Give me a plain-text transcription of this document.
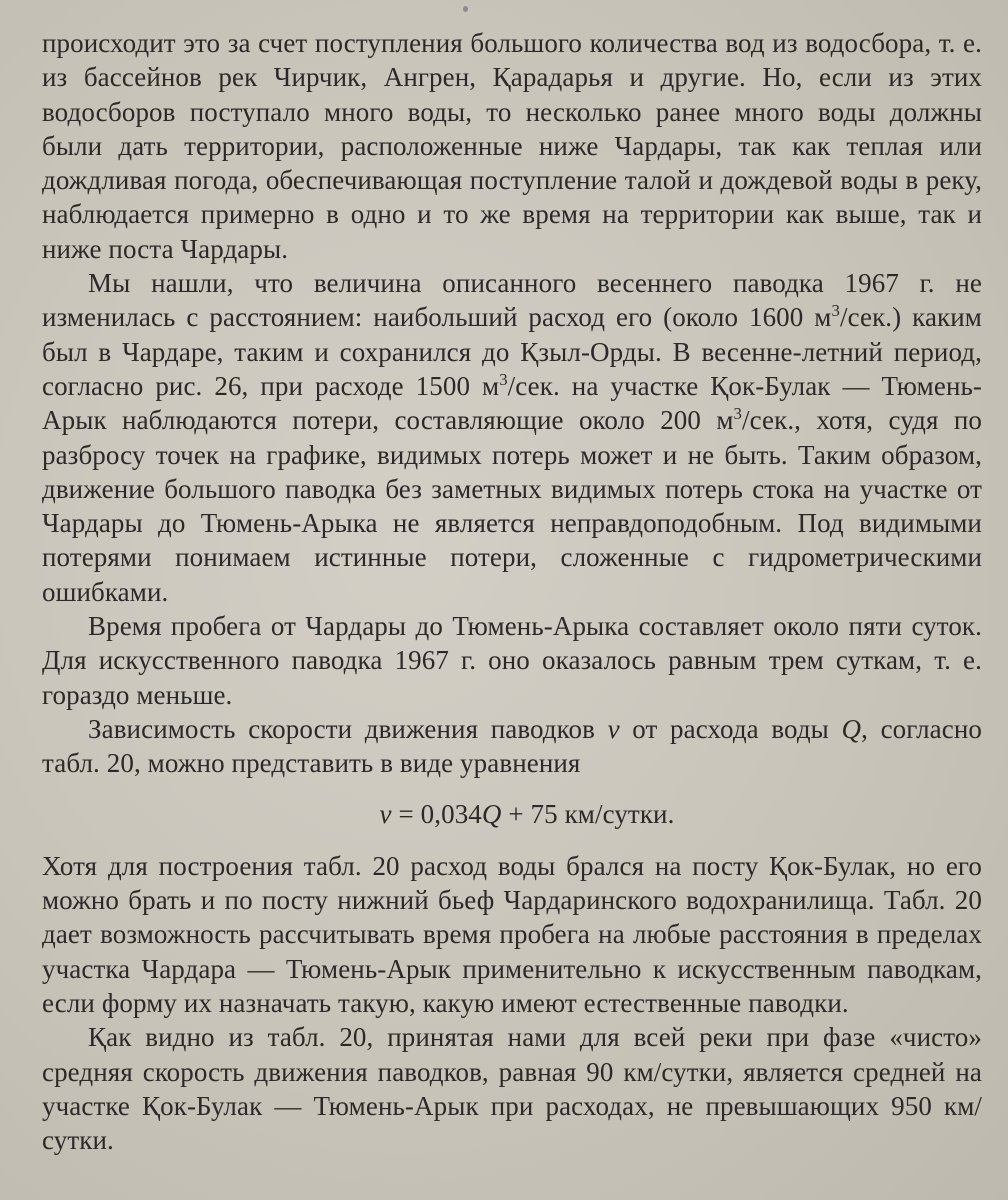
происходит это за счет поступления большого количества вод из водосбора, т. е. из бассейнов рек Чирчик, Ангрен, Қарадарья и другие. Но, если из этих водосборов поступало много воды, то несколько ранее много воды должны были дать территории, расположенные ниже Чардары, так как теплая или дождливая погода, обеспечивающая поступление талой и дождевой воды в реку, наблюдается примерно в одно и то же время на территории как выше, так и ниже поста Чардары.

Мы нашли, что величина описанного весеннего паводка 1967 г. не изменилась с расстоянием: наибольший расход его (около 1600 $м^3/сек$.) каким был в Чардаре, таким и сохранился до Қзыл-Орды. В весенне-летний период, согласно рис. 26, при расходе 1500 $м^3$/сек. на участке Қок-Булак — Тюмень-Арык наблюдаются потери, составляющие около 200 $м^3$/сек., хотя, судя по разбросу точек на графике, видимых потерь может и не быть. Таким образом, движение большого паводка без заметных видимых потерь стока на участке от Чардары до Тюмень-Арыка не является неправдоподобным. Под видимыми потерями понимаем истинные потери, сложенные с гидрометрическими ошибками.

Время пробега от Чардары до Тюмень-Арыка составляет около пяти суток. Для искусственного паводка 1967 г. оно оказалось равным трем суткам, т. е. гораздо меньше.

Зависимость скорости движения паводков v от расхода воды Q, согласно табл. 20, можно представить в виде уравнения

v = 0,034Q + 75 км/сутки.

Хотя для построения табл. 20 расход воды брался на посту Қок-Булак, но его можно брать и по посту нижний бьеф Чардаринского водохранилища. Табл. 20 дает возможность рассчитывать время пробега на любые расстояния в пределах участка Чардара — Тюмень-Арык применительно к искусственным паводкам, если форму их назначать такую, какую имеют естественные паводки.

Қак видно из табл. 20, принятая нами для всей реки при фазе «чисто» средняя скорость движения паводков, равная 90 км/сутки, является средней на участке Қок-Булак — Тюмень-Арык при расходах, не превышающих 950 км/сутки.
